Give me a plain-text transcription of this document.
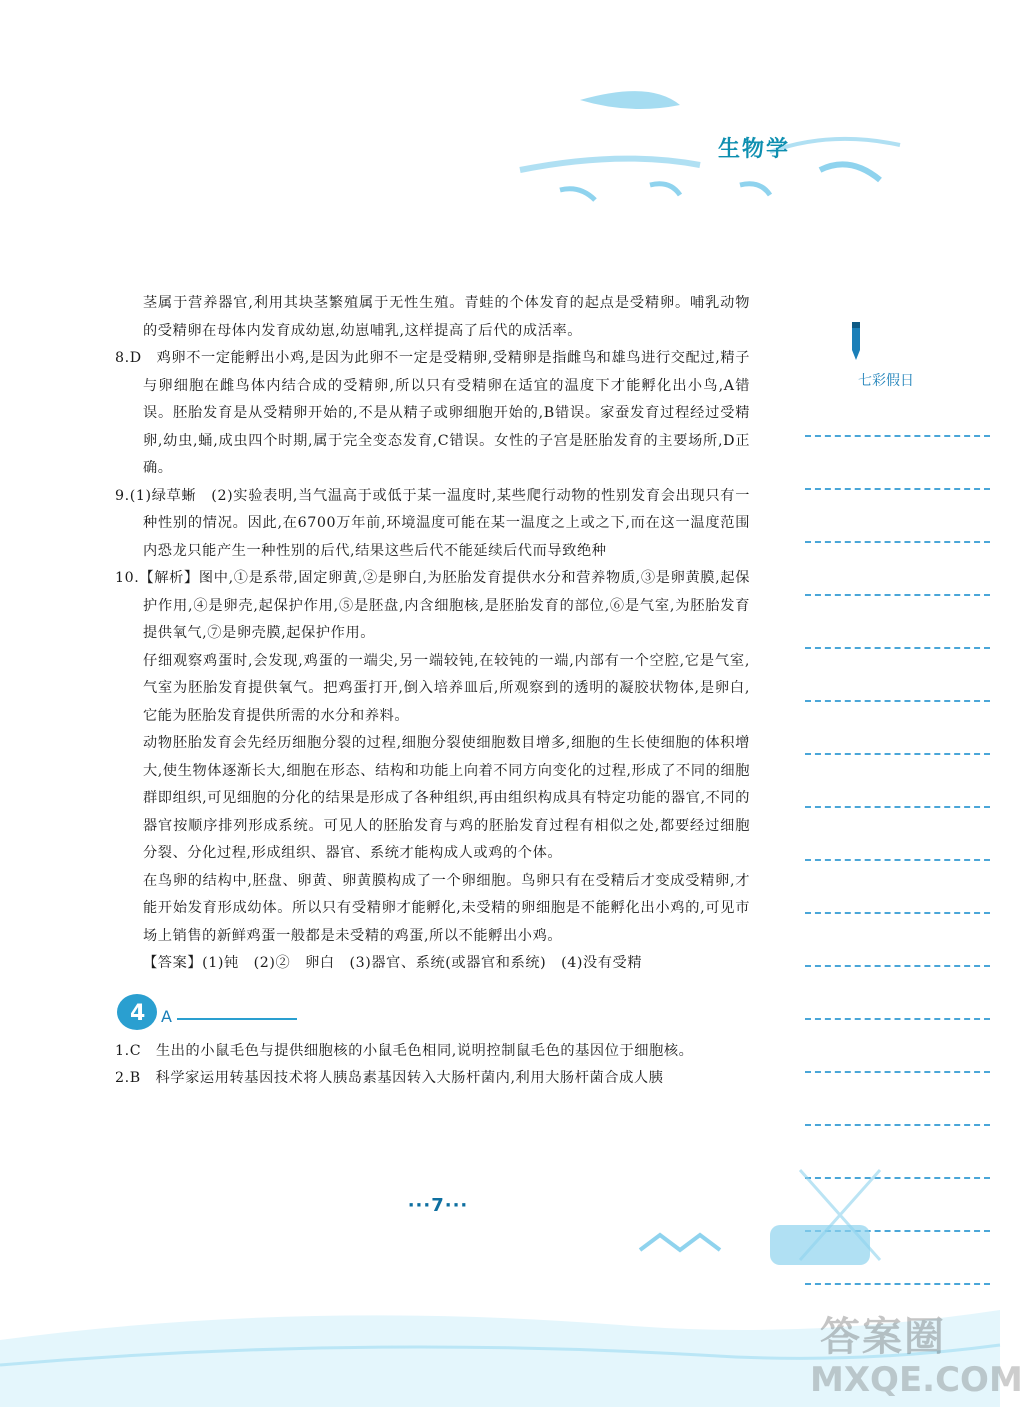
生物学
七彩假日

茎属于营养器官,利用其块茎繁殖属于无性生殖。青蛙的个体发育的起点是受精卵。哺乳动物的受精卵在母体内发育成幼崽,幼崽哺乳,这样提高了后代的成活率。

8.D　鸡卵不一定能孵出小鸡,是因为此卵不一定是受精卵,受精卵是指雌鸟和雄鸟进行交配过,精子与卵细胞在雌鸟体内结合成的受精卵,所以只有受精卵在适宜的温度下才能孵化出小鸟,A错误。胚胎发育是从受精卵开始的,不是从精子或卵细胞开始的,B错误。家蚕发育过程经过受精卵,幼虫,蛹,成虫四个时期,属于完全变态发育,C错误。女性的子宫是胚胎发育的主要场所,D正确。

9.(1)绿草蜥　(2)实验表明,当气温高于或低于某一温度时,某些爬行动物的性别发育会出现只有一种性别的情况。因此,在6700万年前,环境温度可能在某一温度之上或之下,而在这一温度范围内恐龙只能产生一种性别的后代,结果这些后代不能延续后代而导致绝种

10.【解析】图中,①是系带,固定卵黄,②是卵白,为胚胎发育提供水分和营养物质,③是卵黄膜,起保护作用,④是卵壳,起保护作用,⑤是胚盘,内含细胞核,是胚胎发育的部位,⑥是气室,为胚胎发育提供氧气,⑦是卵壳膜,起保护作用。

仔细观察鸡蛋时,会发现,鸡蛋的一端尖,另一端较钝,在较钝的一端,内部有一个空腔,它是气室,气室为胚胎发育提供氧气。把鸡蛋打开,倒入培养皿后,所观察到的透明的凝胶状物体,是卵白,它能为胚胎发育提供所需的水分和养料。

动物胚胎发育会先经历细胞分裂的过程,细胞分裂使细胞数目增多,细胞的生长使细胞的体积增大,使生物体逐渐长大,细胞在形态、结构和功能上向着不同方向变化的过程,形成了不同的细胞群即组织,可见细胞的分化的结果是形成了各种组织,再由组织构成具有特定功能的器官,不同的器官按顺序排列形成系统。可见人的胚胎发育与鸡的胚胎发育过程有相似之处,都要经过细胞分裂、分化过程,形成组织、器官、系统才能构成人或鸡的个体。

在鸟卵的结构中,胚盘、卵黄、卵黄膜构成了一个卵细胞。鸟卵只有在受精后才变成受精卵,才能开始发育形成幼体。所以只有受精卵才能孵化,未受精的卵细胞是不能孵化出小鸡的,可见市场上销售的新鲜鸡蛋一般都是未受精的鸡蛋,所以不能孵出小鸡。

【答案】(1)钝　(2)②　卵白　(3)器官、系统(或器官和系统)　(4)没有受精

4 A

1.C　生出的小鼠毛色与提供细胞核的小鼠毛色相同,说明控制鼠毛色的基因位于细胞核。

2.B　科学家运用转基因技术将人胰岛素基因转入大肠杆菌内,利用大肠杆菌合成人胰

···7···
答案圈
MXQE.COM
